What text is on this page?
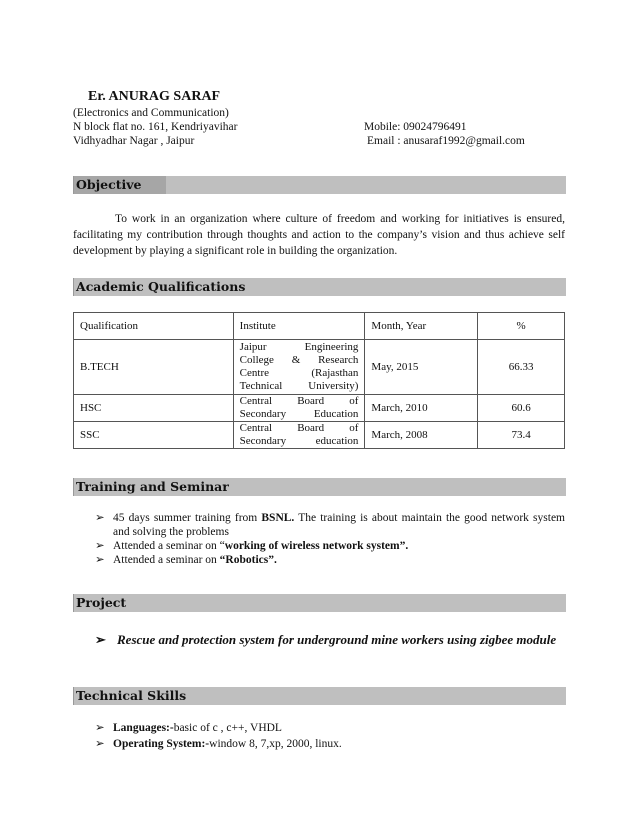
Er. ANURAG SARAF
(Electronics and Communication)
N block flat no. 161, Kendriyavihar
Vidhyadhar Nagar , Jaipur
Mobile: 09024796491
Email : anusaraf1992@gmail.com
Objective
To work in an organization where culture of freedom and working for initiatives is ensured, facilitating my contribution through thoughts and action to the company’s vision and thus achieve self development by playing a significant role in building the organization.
Academic Qualifications
Qualification	Institute	Month, Year	%
B.TECH	Jaipur Engineering College & Research Centre (Rajasthan Technical University)	May, 2015	66.33
HSC	Central Board of Secondary Education	March, 2010	60.6
SSC	Central Board of Secondary education	March, 2008	73.4
Training and Seminar
➢ 45 days summer training from BSNL. The training is about maintain the good network system and solving the problems
➢ Attended a seminar on “working of wireless network system”.
➢ Attended a seminar on “Robotics”.
Project
➢ Rescue and protection system for underground mine workers using zigbee module
Technical Skills
➢ Languages:-basic of c , c++, VHDL
➢ Operating System:-window 8, 7,xp, 2000, linux.
